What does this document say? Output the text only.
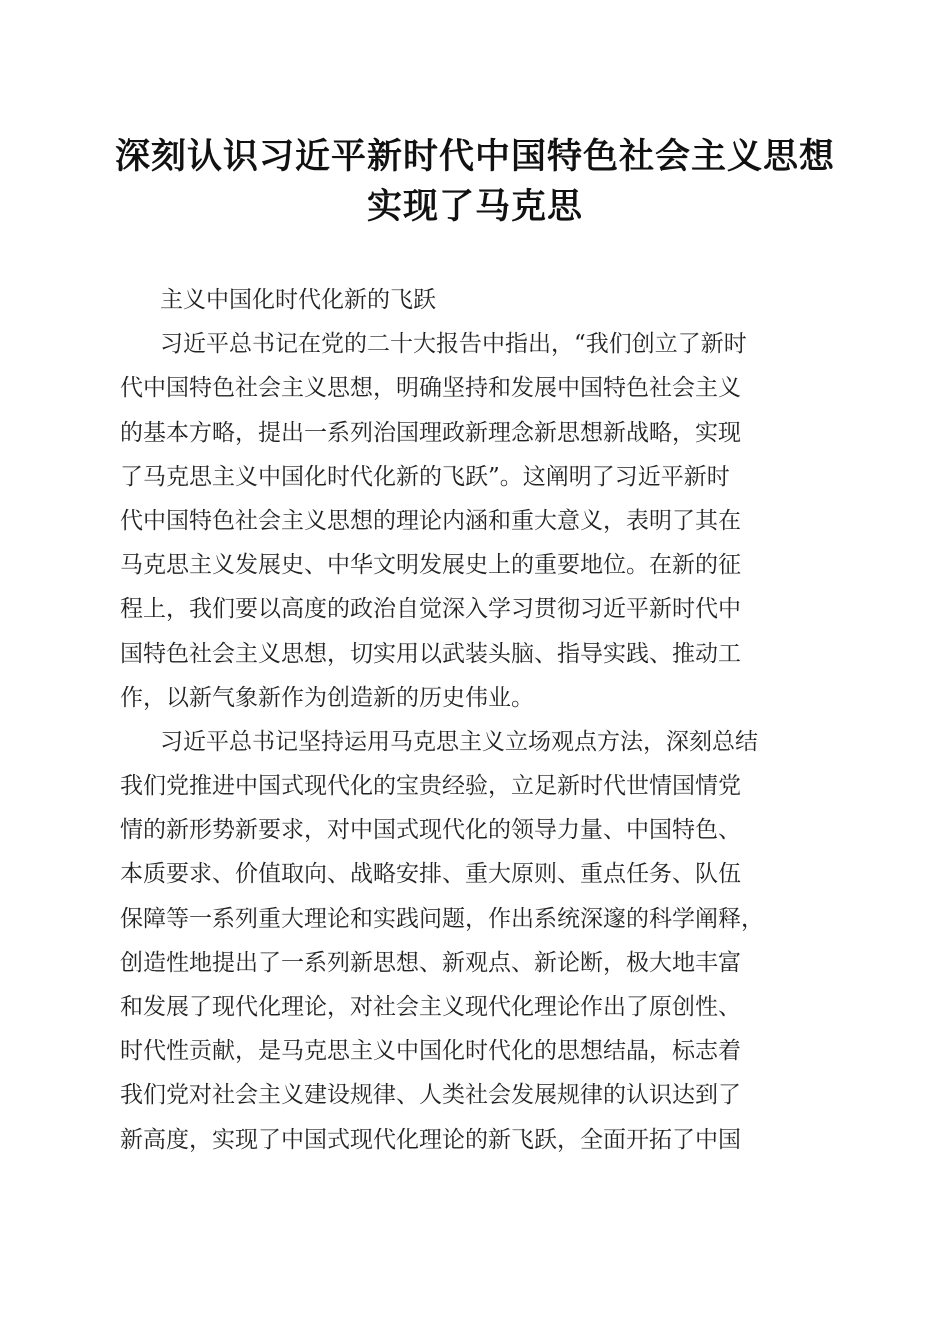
深刻认识习近平新时代中国特色社会主义思想
实现了马克思
主义中国化时代化新的飞跃
习近平总书记在党的二十大报告中指出，“我们创立了新时
代中国特色社会主义思想，明确坚持和发展中国特色社会主义
的基本方略，提出一系列治国理政新理念新思想新战略，实现
了马克思主义中国化时代化新的飞跃”。这阐明了习近平新时
代中国特色社会主义思想的理论内涵和重大意义，表明了其在
马克思主义发展史、中华文明发展史上的重要地位。在新的征
程上，我们要以高度的政治自觉深入学习贯彻习近平新时代中
国特色社会主义思想，切实用以武装头脑、指导实践、推动工
作，以新气象新作为创造新的历史伟业。
习近平总书记坚持运用马克思主义立场观点方法，深刻总结
我们党推进中国式现代化的宝贵经验，立足新时代世情国情党
情的新形势新要求，对中国式现代化的领导力量、中国特色、
本质要求、价值取向、战略安排、重大原则、重点任务、队伍
保障等一系列重大理论和实践问题，作出系统深邃的科学阐释，
创造性地提出了一系列新思想、新观点、新论断，极大地丰富
和发展了现代化理论，对社会主义现代化理论作出了原创性、
时代性贡献，是马克思主义中国化时代化的思想结晶，标志着
我们党对社会主义建设规律、人类社会发展规律的认识达到了
新高度，实现了中国式现代化理论的新飞跃，全面开拓了中国
